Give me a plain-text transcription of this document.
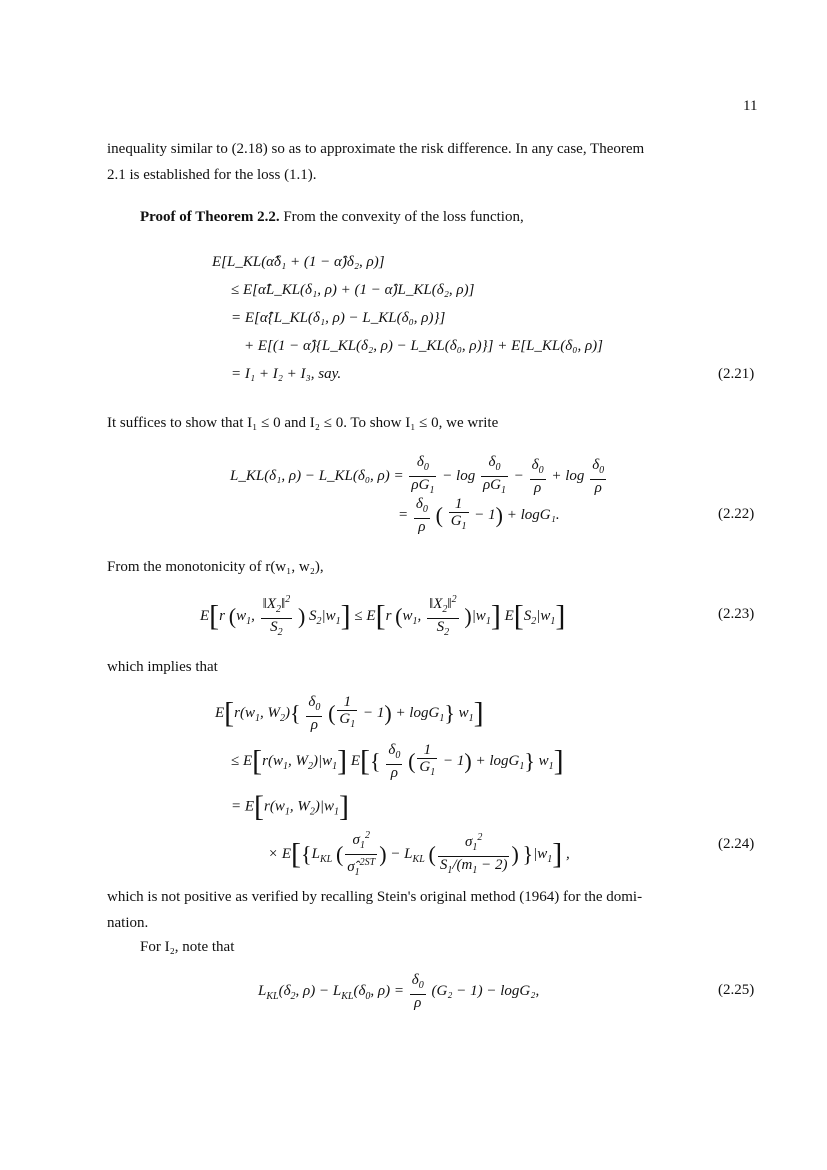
11
inequality similar to (2.18) so as to approximate the risk difference. In any case, Theorem
2.1 is established for the loss (1.1).
Proof of Theorem 2.2. From the convexity of the loss function,
E[L_KL(α̂δ₁ + (1 − α̂)δ₂, ρ)]
≤ E[α̂L_KL(δ₁, ρ) + (1 − α̂)L_KL(δ₂, ρ)]
= E[α̂{L_KL(δ₁, ρ) − L_KL(δ₀, ρ)}]
+ E[(1 − α̂){L_KL(δ₂, ρ) − L_KL(δ₀, ρ)}] + E[L_KL(δ₀, ρ)]
= I₁ + I₂ + I₃, say.	(2.21)
It suffices to show that I₁ ≤ 0 and I₂ ≤ 0. To show I₁ ≤ 0, we write
L_KL(δ₁, ρ) − L_KL(δ₀, $\rho) = \frac{\delta_0}{\rho G_1} - \log \frac{\delta_0}{\rho G_1} - \frac{\delta_0}{\rho} + \log \frac{\delta_0}{\rho}$
= $\frac{\delta_0}{\rho}$ ( $\frac{1}{G_1} - 1) + \log G_1$.	(2.22)
From the monotonicity of r(w₁, w₂),
E[r ($w_1$, $\frac{‖X_2‖^2}{S_2}$ ) $S_2|w_1] \le E[r$ ($w_1$, $\frac{‖X_2‖^2}{S_2} )|w_1$] $E[S_2|w_1]$	(2.23)
which implies that
$E[r(w_1$, $W_2)\{ \frac{\delta_0}{\rho}$ ( $\frac{1}{G_1} - 1) + \log G_1$} $w_1$]
≤ $E[r(w_1$, $W_2)|w_1$] $E[\{ \frac{\delta_0}{\rho}$ ( $\frac{1}{G_1} - 1) + \log G_1$} $w_1$]
= $E[r(w_1$, $W_2)|w_1$]
× $E[\{L_{KL}$ ( $\frac{\sigma_1^2}{\sigmâ_1^{2ST}}$ ) − $L_{KL}$ ( $\frac{\sigma_1^2}{S_1/(m_1 - 2)}$ ) }$|w_1$] ,
(2.24)
which is not positive as verified by recalling Stein's original method (1964) for the domi-
nation.
For I₂, note that
$L_{KL}(\delta_2$, $\rho) - L_{KL}(\delta_0$, $\rho) = \frac{\delta_0}{\rho} (G_2 - 1) - \log G_2$,	(2.25)
